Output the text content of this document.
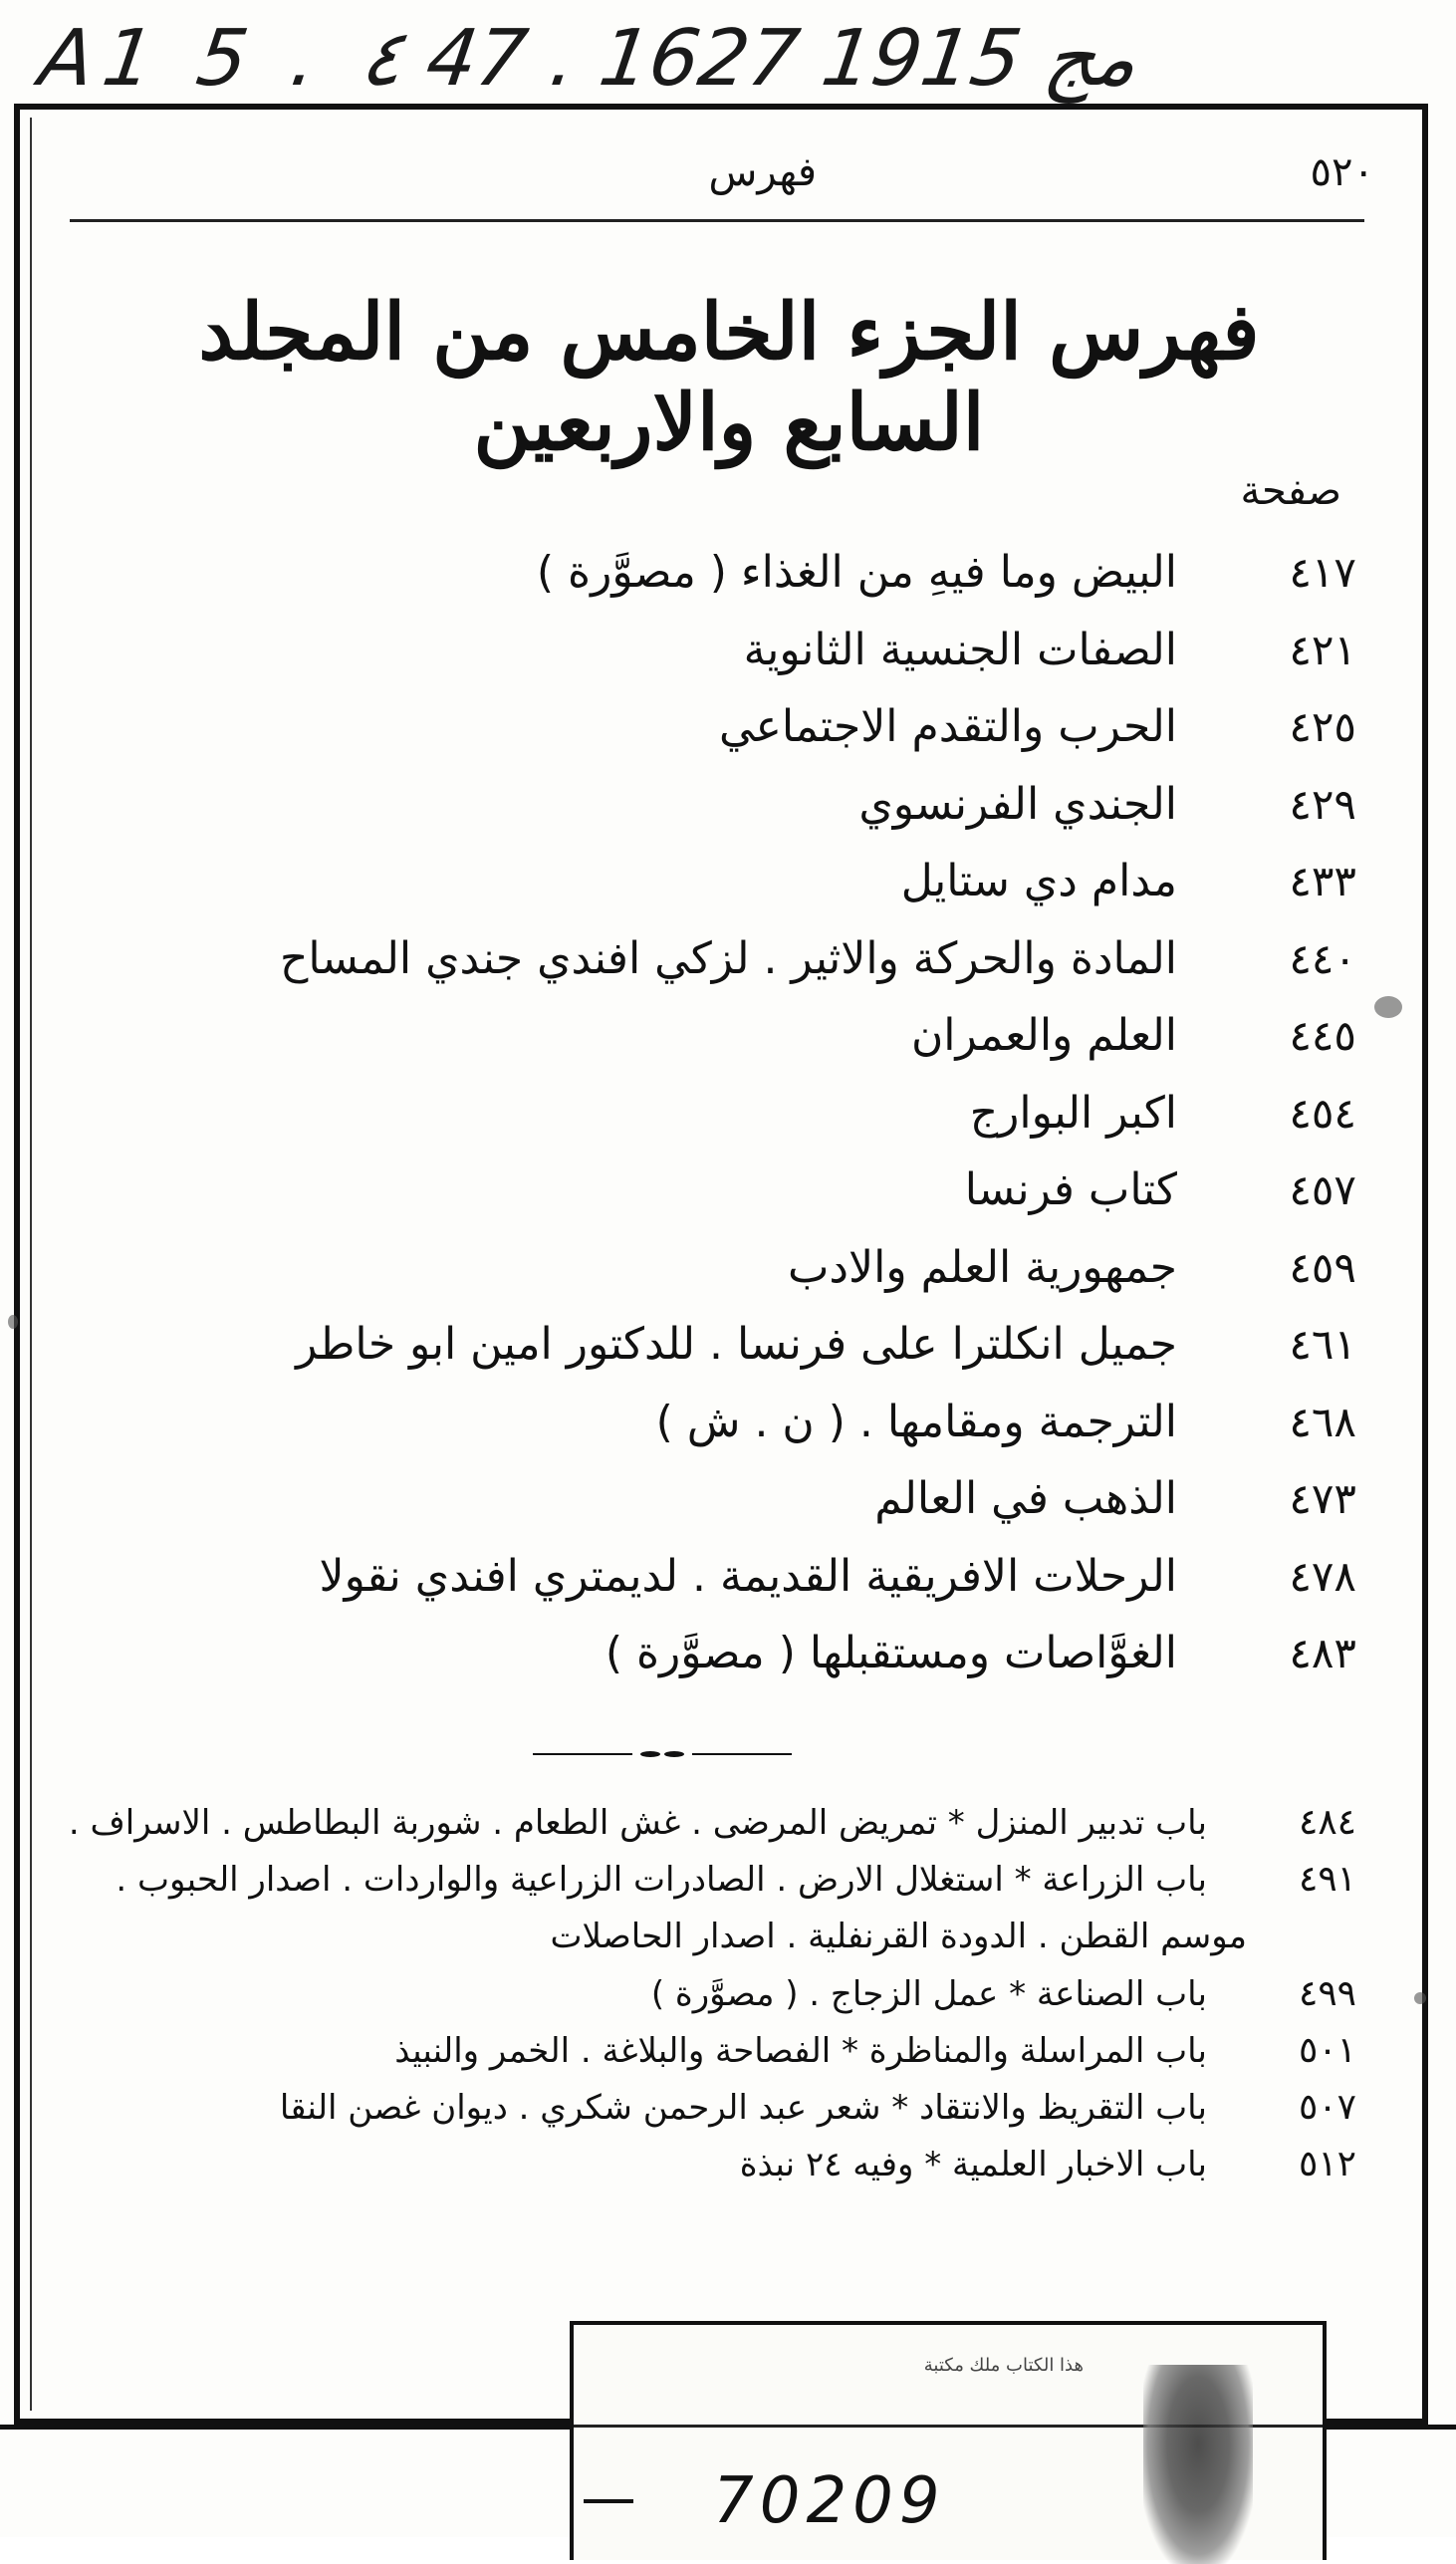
A1 5 . ٤ 47 . مج 1915 1627
٥٢٠
فهرس
فهرس الجزء الخامس من المجلد السابع والاربعين
صفحة
٤١٧
البيض وما فيهِ من الغذاء ( مصوَّرة )
٤٢١
الصفات الجنسية الثانوية
٤٢٥
الحرب والتقدم الاجتماعي
٤٢٩
الجندي الفرنسوي
٤٣٣
مدام دي ستايل
٤٤٠
المادة والحركة والاثير . لزكي افندي جندي المساح
٤٤٥
العلم والعمران
٤٥٤
اكبر البوارج
٤٥٧
كتاب فرنسا
٤٥٩
جمهورية العلم والادب
٤٦١
جميل انكلترا على فرنسا . للدكتور امين ابو خاطر
٤٦٨
الترجمة ومقامها . ( ن . ش )
٤٧٣
الذهب في العالم
٤٧٨
الرحلات الافريقية القديمة . لديمتري افندي نقولا
٤٨٣
الغوَّاصات ومستقبلها ( مصوَّرة )
٤٨٤
باب تدبير المنزل * تمريض المرضى . غش الطعام . شوربة البطاطس . الاسراف .
٤٩١
باب الزراعة * استغلال الارض . الصادرات الزراعية والواردات . اصدار الحبوب .
موسم القطن . الدودة القرنفلية . اصدار الحاصلات
٤٩٩
باب الصناعة * عمل الزجاج . ( مصوَّرة )
٥٠١
باب المراسلة والمناظرة * الفصاحة والبلاغة . الخمر والنبيذ
٥٠٧
باب التقريظ والانتقاد * شعر عبد الرحمن شكري . ديوان غصن النقا
٥١٢
باب الاخبار العلمية * وفيه ٢٤ نبذة
هذا الكتاب ملك مكتبة
70209
